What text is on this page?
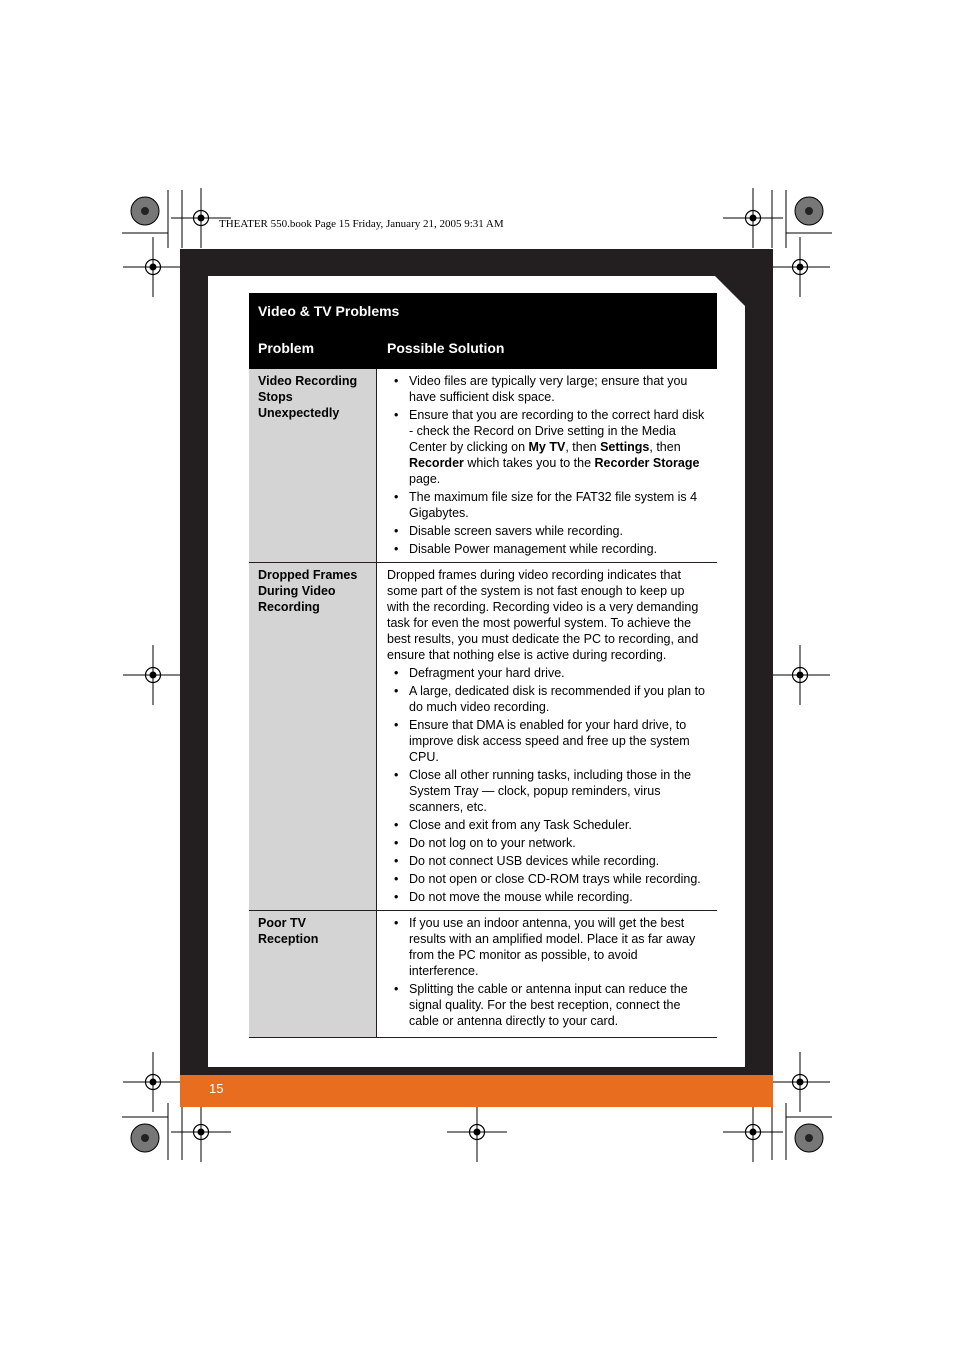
THEATER 550.book Page 15 Friday, January 21, 2005 9:31 AM
15
Video & TV Problems
Problem	Possible Solution
Video Recording Stops Unexpectedly
• Video files are typically very large; ensure that you have sufficient disk space.
• Ensure that you are recording to the correct hard disk - check the Record on Drive setting in the Media Center by clicking on My TV, then Settings, then Recorder which takes you to the Recorder Storage page.
• The maximum file size for the FAT32 file system is 4 Gigabytes.
• Disable screen savers while recording.
• Disable Power management while recording.
Dropped Frames During Video Recording

Dropped frames during video recording indicates that some part of the system is not fast enough to keep up with the recording. Recording video is a very demanding task for even the most powerful system. To achieve the best results, you must dedicate the PC to recording, and ensure that nothing else is active during recording.

• Defragment your hard drive.
• A large, dedicated disk is recommended if you plan to do much video recording.
• Ensure that DMA is enabled for your hard drive, to improve disk access speed and free up the system CPU.
• Close all other running tasks, including those in the System Tray — clock, popup reminders, virus scanners, etc.
• Close and exit from any Task Scheduler.
• Do not log on to your network.
• Do not connect USB devices while recording.
• Do not open or close CD-ROM trays while recording.
• Do not move the mouse while recording.
Poor TV Reception
• If you use an indoor antenna, you will get the best results with an amplified model. Place it as far away from the PC monitor as possible, to avoid interference.
• Splitting the cable or antenna input can reduce the signal quality. For the best reception, connect the cable or antenna directly to your card.
